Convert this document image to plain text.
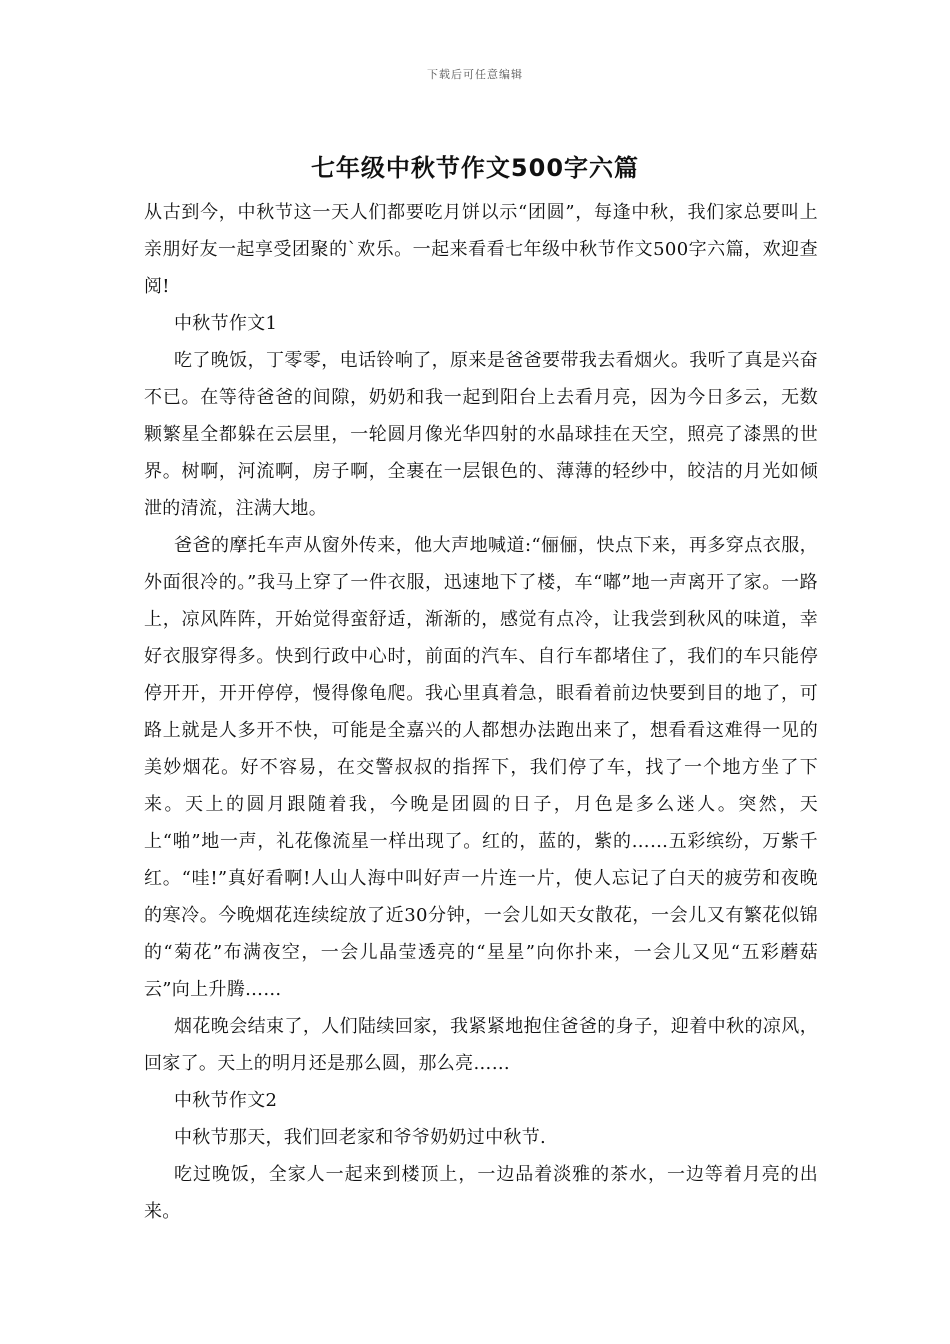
下载后可任意编辑
七年级中秋节作文500字六篇

从古到今，中秋节这一天人们都要吃月饼以示“团圆”，每逢中秋，我们家总要叫上亲朋好友一起享受团聚的`欢乐。一起来看看七年级中秋节作文500字六篇，欢迎查阅!

中秋节作文1

吃了晚饭，丁零零，电话铃响了，原来是爸爸要带我去看烟火。我听了真是兴奋不已。在等待爸爸的间隙，奶奶和我一起到阳台上去看月亮，因为今日多云，无数颗繁星全都躲在云层里，一轮圆月像光华四射的水晶球挂在天空，照亮了漆黑的世界。树啊，河流啊，房子啊，全裹在一层银色的、薄薄的轻纱中，皎洁的月光如倾泄的清流，注满大地。

爸爸的摩托车声从窗外传来，他大声地喊道:“俪俪，快点下来，再多穿点衣服，外面很冷的。”我马上穿了一件衣服，迅速地下了楼，车“嘟”地一声离开了家。一路上，凉风阵阵，开始觉得蛮舒适，渐渐的，感觉有点冷，让我尝到秋风的味道，幸好衣服穿得多。快到行政中心时，前面的汽车、自行车都堵住了，我们的车只能停停开开，开开停停，慢得像龟爬。我心里真着急，眼看着前边快要到目的地了，可路上就是人多开不快，可能是全嘉兴的人都想办法跑出来了，想看看这难得一见的美妙烟花。好不容易，在交警叔叔的指挥下，我们停了车，找了一个地方坐了下来。天上的圆月跟随着我，今晚是团圆的日子，月色是多么迷人。突然，天上“啪”地一声，礼花像流星一样出现了。红的，蓝的，紫的……五彩缤纷，万紫千红。“哇!”真好看啊!人山人海中叫好声一片连一片，使人忘记了白天的疲劳和夜晚的寒冷。今晚烟花连续绽放了近30分钟，一会儿如天女散花，一会儿又有繁花似锦的“菊花”布满夜空，一会儿晶莹透亮的“星星”向你扑来，一会儿又见“五彩蘑菇云”向上升腾……

烟花晚会结束了，人们陆续回家，我紧紧地抱住爸爸的身子，迎着中秋的凉风，回家了。天上的明月还是那么圆，那么亮……

中秋节作文2

中秋节那天，我们回老家和爷爷奶奶过中秋节.

吃过晚饭，全家人一起来到楼顶上，一边品着淡雅的茶水，一边等着月亮的出来。
